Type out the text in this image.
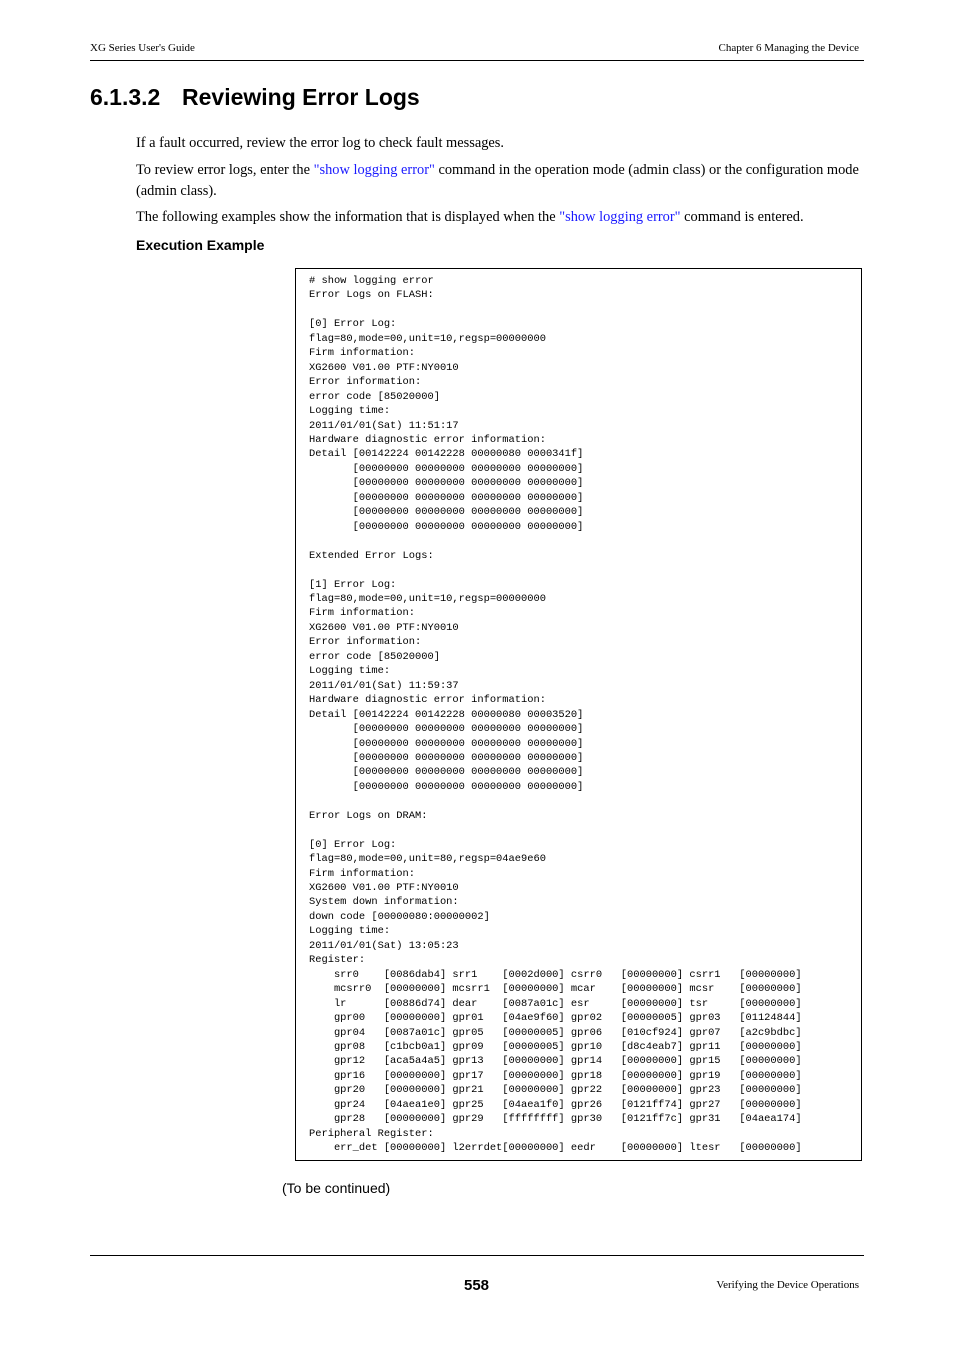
XG Series User's Guide	Chapter 6 Managing the Device
6.1.3.2 Reviewing Error Logs

If a fault occurred, review the error log to check fault messages.

To review error logs, enter the "show logging error" command in the operation mode (admin class) or the configuration mode (admin class).

The following examples show the information that is displayed when the "show logging error" command is entered.

Execution Example
# show logging error
Error Logs on FLASH:

[0] Error Log:
flag=80,mode=00,unit=10,regsp=00000000
Firm information:
XG2600 V01.00 PTF:NY0010
Error information:
error code [85020000]
Logging time:
2011/01/01(Sat) 11:51:17
Hardware diagnostic error information:
Detail [00142224 00142228 00000080 0000341f]
[00000000 00000000 00000000 00000000]
[00000000 00000000 00000000 00000000]
[00000000 00000000 00000000 00000000]
[00000000 00000000 00000000 00000000]
[00000000 00000000 00000000 00000000]

Extended Error Logs:

[1] Error Log:
flag=80,mode=00,unit=10,regsp=00000000
Firm information:
XG2600 V01.00 PTF:NY0010
Error information:
error code [85020000]
Logging time:
2011/01/01(Sat) 11:59:37
Hardware diagnostic error information:
Detail [00142224 00142228 00000080 00003520]
[00000000 00000000 00000000 00000000]
[00000000 00000000 00000000 00000000]
[00000000 00000000 00000000 00000000]
[00000000 00000000 00000000 00000000]
[00000000 00000000 00000000 00000000]

Error Logs on DRAM:

[0] Error Log:
flag=80,mode=00,unit=80,regsp=04ae9e60
Firm information:
XG2600 V01.00 PTF:NY0010
System down information:
down code [00000080:00000002]
Logging time:
2011/01/01(Sat) 13:05:23
Register:
srr0    [0086dab4] srr1    [0002d000] csrr0   [00000000] csrr1   [00000000]
mcsrr0  [00000000] mcsrr1  [00000000] mcar    [00000000] mcsr    [00000000]
lr      [00886d74] dear    [0087a01c] esr     [00000000] tsr     [00000000]
gpr00   [00000000] gpr01   [04ae9f60] gpr02   [00000005] gpr03   [01124844]
gpr04   [0087a01c] gpr05   [00000005] gpr06   [010cf924] gpr07   [a2c9bdbc]
gpr08   [c1bcb0a1] gpr09   [00000005] gpr10   [d8c4eab7] gpr11   [00000000]
gpr12   [aca5a4a5] gpr13   [00000000] gpr14   [00000000] gpr15   [00000000]
gpr16   [00000000] gpr17   [00000000] gpr18   [00000000] gpr19   [00000000]
gpr20   [00000000] gpr21   [00000000] gpr22   [00000000] gpr23   [00000000]
gpr24   [04aea1e0] gpr25   [04aea1f0] gpr26   [0121ff74] gpr27   [00000000]
gpr28   [00000000] gpr29   [ffffffff] gpr30   [0121ff7c] gpr31   [04aea174]
Peripheral Register:
err_det [00000000] l2errdet[00000000] eedr    [00000000] ltesr   [00000000]
(To be continued)
558	Verifying the Device Operations
